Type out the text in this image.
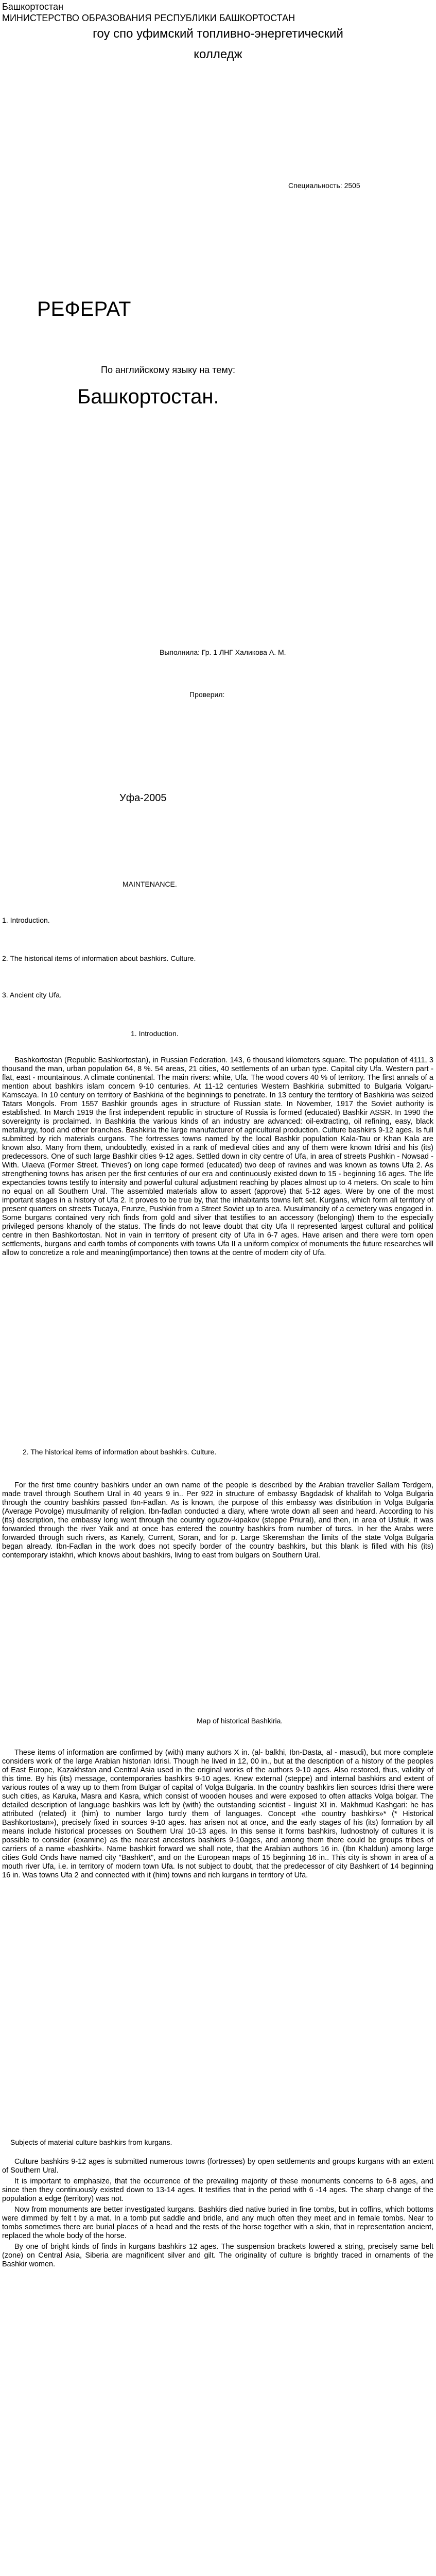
Башкортостан
МИНИСТЕРСТВО ОБРАЗОВАНИЯ РЕСПУБЛИКИ БАШКОРТОСТАН
гоу спо уфимский топливно-энергетический
колледж
Специальность: 2505
РЕФЕРАТ
По английскому языку на тему:
Башкортостан.
Выполнила: Гр. 1 ЛНГ Халикова А. М.
Проверил:
Уфа-2005
MAINTENANCE.
1. Introduction.
2. The historical items of information about bashkirs. Culture.
3. Ancient city Ufa.
1. Introduction.

Bashkortostan (Republic Bashkortostan), in Russian Federation. 143, 6 thousand kilometers square. The population of 4111, 3 thousand the man, urban population 64, 8 %. 54 areas, 21 cities, 40 settlements of an urban type. Capital city Ufa. Western part - flat, east - mountainous. A climate continental. The main rivers: white, Ufa. The wood covers 40 % of territory. The first annals of a mention about bashkirs islam concern 9-10 centuries. At 11-12 centuries Western Bashkiria submitted to Bulgaria Volgaru-Kamscaya. In 10 century on territory of Bashkiria of the beginnings to penetrate. In 13 century the territory of Bashkiria was seized Tatars Mongols. From 1557 Bashkir grounds ages in structure of Russian state. In November, 1917 the Soviet authority is established. In March 1919 the first independent republic in structure of Russia is formed (educated) Bashkir ASSR. In 1990 the sovereignty is proclaimed. In Bashkiria the various kinds of an industry are advanced: oil-extracting, oil refining, easy, black metallurgy, food and other branches. Bashkiria the large manufacturer of agricultural production. Culture bashkirs 9-12 ages. Is full submitted by rich materials curgans. The fortresses towns named by the local Bashkir population Kala-Tau or Khan Kala are known also. Many from them, undoubtedly, existed in a rank of medieval cities and any of them were known Idrisi and his (its) predecessors. One of such large Bashkir cities 9-12 ages. Settled down in city centre of Ufa, in area of streets Pushkin - Nowsad - With. Ulaeva (Former Street. Thieves') on long cape formed (educated) two deep of ravines and was known as towns Ufa 2. As strengthening towns has arisen per the first centuries of our era and continuously existed down to 15 - beginning 16 ages. The life expectancies towns testify to intensity and powerful cultural adjustment reaching by places almost up to 4 meters. On scale to him no equal on all Southern Ural. The assembled materials allow to assert (approve) that 5-12 ages. Were by one of the most important stages in a history of Ufa 2. It proves to be true by, that the inhabitants towns left set. Kurgans, which form all territory of present quarters on streets Tucaya, Frunze, Pushkin from a Street Soviet up to area. Musulmancity of a cemetery was engaged in. Some burgans contained very rich finds from gold and silver that testifies to an accessory (belonging) them to the especially privileged persons khanoly of the status. The finds do not leave doubt that city Ufa II represented largest cultural and political centre in then Bashkortostan. Not in vain in territory of present city of Ufa in 6-7 ages. Have arisen and there were torn open settlements, burgans and earth tombs of components with towns Ufa II a uniform complex of monuments the future researches will allow to concretize a role and meaning(importance) then towns at the centre of modern city of Ufa.

2. The historical items of information about bashkirs. Culture.

For the first time country bashkirs under an own name of the people is described by the Arabian traveller Sallam Terdgem, made travel through Southern Ural in 40 years 9 in.. Per 922 in structure of embassy Bagdadsk of khalifah to Volga Bulgaria through the country bashkirs passed Ibn-Fadlan. As is known, the purpose of this embassy was distribution in Volga Bulgaria (Average Povolge) musulmanity of religion. Ibn-fadlan conducted a diary, where wrote down all seen and heard. According to his (its) description, the embassy long went through the country oguzov-kipakov (steppe Priural), and then, in area of Ustiuk, it was forwarded through the river Yaik and at once has entered the country bashkirs from number of turcs. In her the Arabs were forwarded through such rivers, as Kanely, Current, Soran, and for p. Large Skeremshan the limits of the state Volga Bulgaria began already. Ibn-Fadlan in the work does not specify border of the country bashkirs, but this blank is filled with his (its) contemporary istakhri, which knows about bashkirs, living to east from bulgars on Southern Ural.

Map of historical Bashkiria.

These items of information are confirmed by (with) many authors X in. (al- balkhi, Ibn-Dasta, al - masudi), but more complete considers work of the large Arabian historian Idrisi. Though he lived in 12, 00 in., but at the description of a history of the peoples of East Europe, Kazakhstan and Central Asia used in the original works of the authors 9-10 ages. Also restored, thus, validity of this time. By his (its) message, contemporaries bashkirs 9-10 ages. Knew external (steppe) and internal bashkirs and extent of various routes of a way up to them from Bulgar of capital of Volga Bulgaria. In the country bashkirs lien sources Idrisi there were such cities, as Karuka, Masra and Kasra, which consist of wooden houses and were exposed to often attacks Volga bolgar. The detailed description of language bashkirs was left by (with) the outstanding scientist - linguist XI in. Makhmud Kashgari: he has attributed (related) it (him) to number largo turcly them of languages. Concept «the country bashkirs»* (* Historical Bashkortostan»), precisely fixed in sources 9-10 ages. has arisen not at once, and the early stages of his (its) formation by all means include historical processes on Southern Ural 10-13 ages. In this sense it forms bashkirs, ludnostnoly of cultures it is possible to consider (examine) as the nearest ancestors bashkirs 9-10ages, and among them there could be groups tribes of carriers of a name «bashkirt». Name bashkirt forward we shall note, that the Arabian authors 16 in. (Ibn Khaldun) among large cities Gold Onds have named city "Bashkert", and on the European maps of 15 beginning 16 in.. This city is shown in area of a mouth river Ufa, i.e. in territory of modern town Ufa. Is not subject to doubt, that the predecessor of city Bashkert of 14 beginning 16 in. Was towns Ufa 2 and connected with it (him) towns and rich kurgans in territory of Ufa.

Subjects of material culture bashkirs from kurgans.

Culture bashkirs 9-12 ages is submitted numerous towns (fortresses) by open settlements and groups kurgans with an extent of Southern Ural.

It is important to emphasize, that the occurrence of the prevailing majority of these monuments concerns to 6-8 ages, and since then they continuously existed down to 13-14 ages. It testifies that in the period with 6 -14 ages. The sharp change of the population a edge (territory) was not.

Now from monuments are better investigated kurgans. Bashkirs died native buried in fine tombs, but in coffins, which bottoms were dimmed by felt t by a mat. In a tomb put saddle and bridle, and any much often they meet and in female tombs. Near to tombs sometimes there are burial places of a head and the rests of the horse together with a skin, that in representation ancient, replaced the whole body of the horse.

By one of bright kinds of finds in kurgans bashkirs 12 ages. The suspension brackets lowered a string, precisely same belt (zone) on Central Asia, Siberia are magnificent silver and gilt. The originality of culture is brightly traced in ornaments of the Bashkir women.
